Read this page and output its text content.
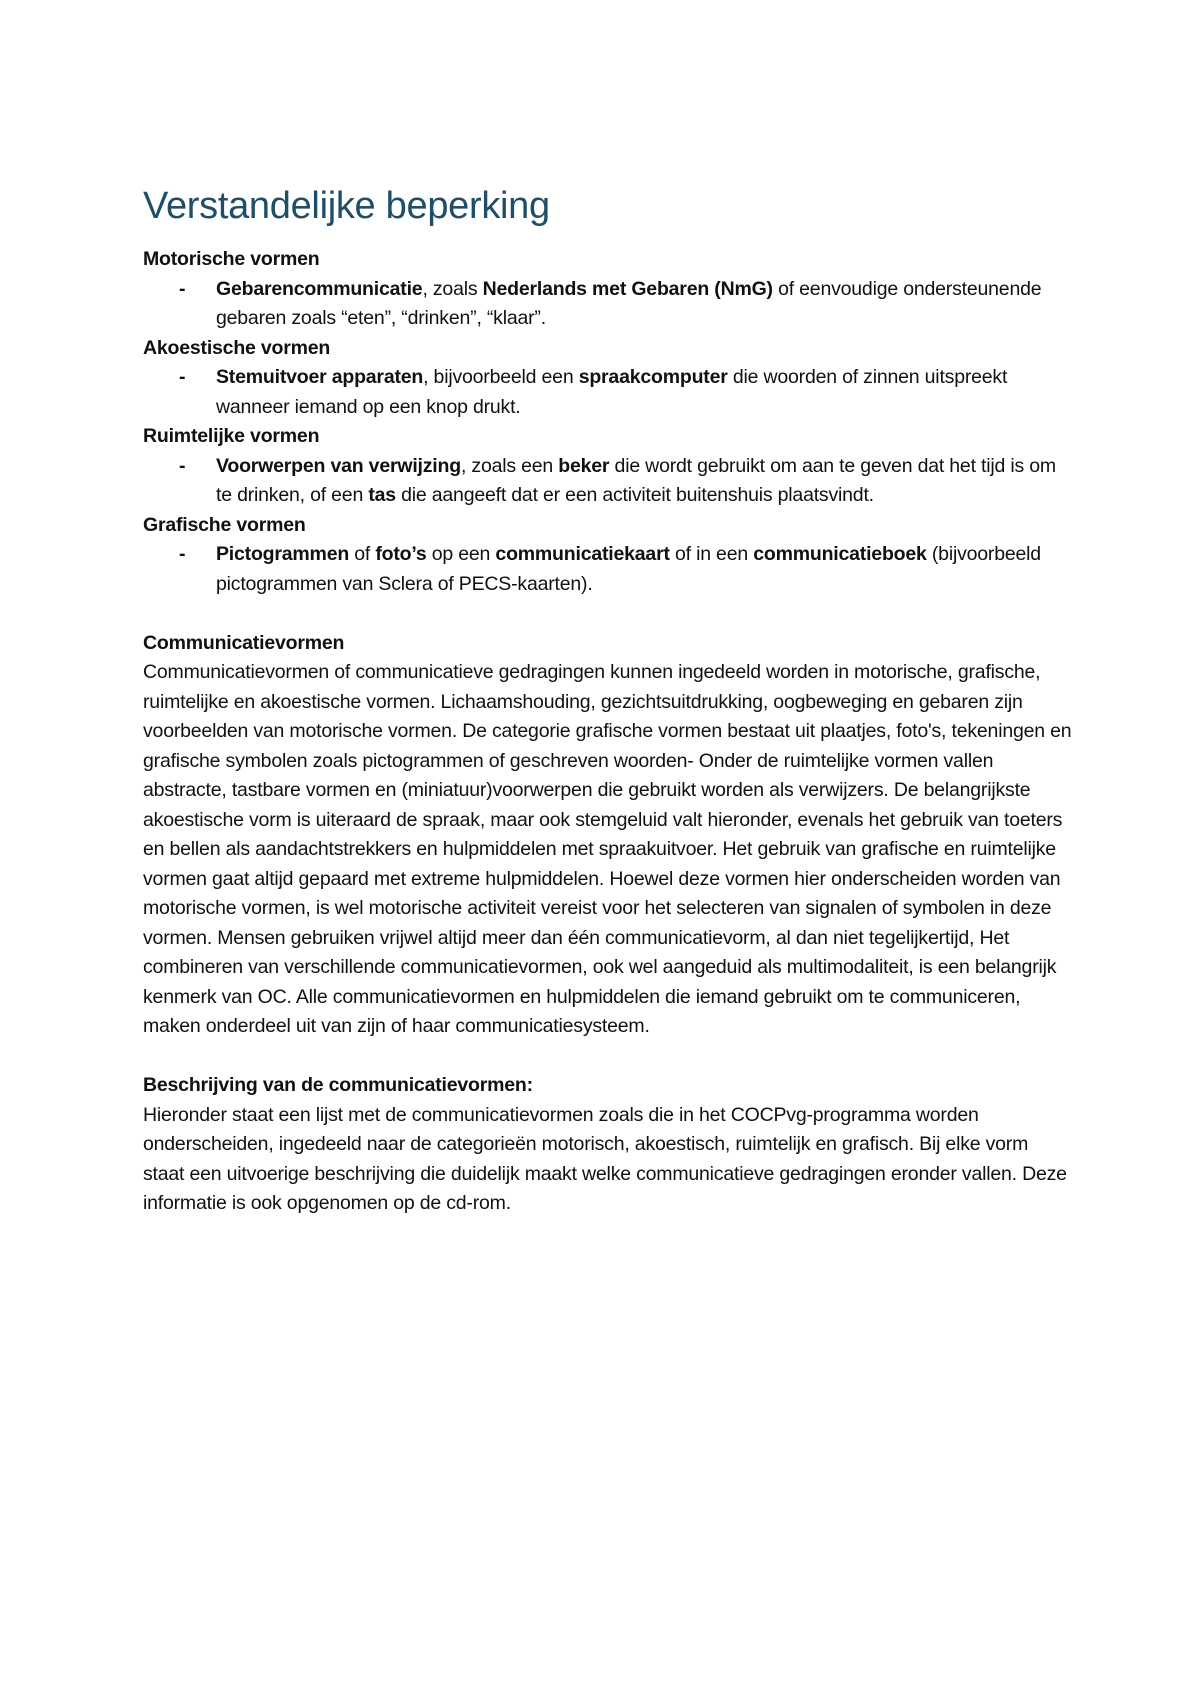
Verstandelijke beperking

Motorische vormen

- Gebarencommunicatie, zoals Nederlands met Gebaren (NmG) of eenvoudige ondersteunende gebaren zoals “eten”, “drinken”, “klaar”.

Akoestische vormen

- Stemuitvoer apparaten, bijvoorbeeld een spraakcomputer die woorden of zinnen uitspreekt wanneer iemand op een knop drukt.

Ruimtelijke vormen

- Voorwerpen van verwijzing, zoals een beker die wordt gebruikt om aan te geven dat het tijd is om te drinken, of een tas die aangeeft dat er een activiteit buitenshuis plaatsvindt.

Grafische vormen

- Pictogrammen of foto’s op een communicatiekaart of in een communicatieboek (bijvoorbeeld pictogrammen van Sclera of PECS-kaarten).

Communicatievormen

Communicatievormen of communicatieve gedragingen kunnen ingedeeld worden in motorische, grafische, ruimtelijke en akoestische vormen. Lichaamshouding, gezichtsuitdrukking, oogbeweging en gebaren zijn voorbeelden van motorische vormen. De categorie grafische vormen bestaat uit plaatjes, foto's, tekeningen en grafische symbolen zoals pictogrammen of geschreven woorden- Onder de ruimtelijke vormen vallen abstracte, tastbare vormen en (miniatuur)voorwerpen die gebruikt worden als verwijzers. De belangrijkste akoestische vorm is uiteraard de spraak, maar ook stemgeluid valt hieronder, evenals het gebruik van toeters en bellen als aandachtstrekkers en hulpmiddelen met spraakuitvoer. Het gebruik van grafische en ruimtelijke vormen gaat altijd gepaard met extreme hulpmiddelen. Hoewel deze vormen hier onderscheiden worden van motorische vormen, is wel motorische activiteit vereist voor het selecteren van signalen of symbolen in deze vormen. Mensen gebruiken vrijwel altijd meer dan één communicatievorm, al dan niet tegelijkertijd, Het combineren van verschillende communicatievormen, ook wel aangeduid als multimodaliteit, is een belangrijk kenmerk van OC. Alle communicatievormen en hulpmiddelen die iemand gebruikt om te communiceren, maken onderdeel uit van zijn of haar communicatiesysteem.

Beschrijving van de communicatievormen:

Hieronder staat een lijst met de communicatievormen zoals die in het COCPvg-programma worden onderscheiden, ingedeeld naar de categorieën motorisch, akoestisch, ruimtelijk en grafisch. Bij elke vorm staat een uitvoerige beschrijving die duidelijk maakt welke communicatieve gedragingen eronder vallen. Deze informatie is ook opgenomen op de cd-rom.
